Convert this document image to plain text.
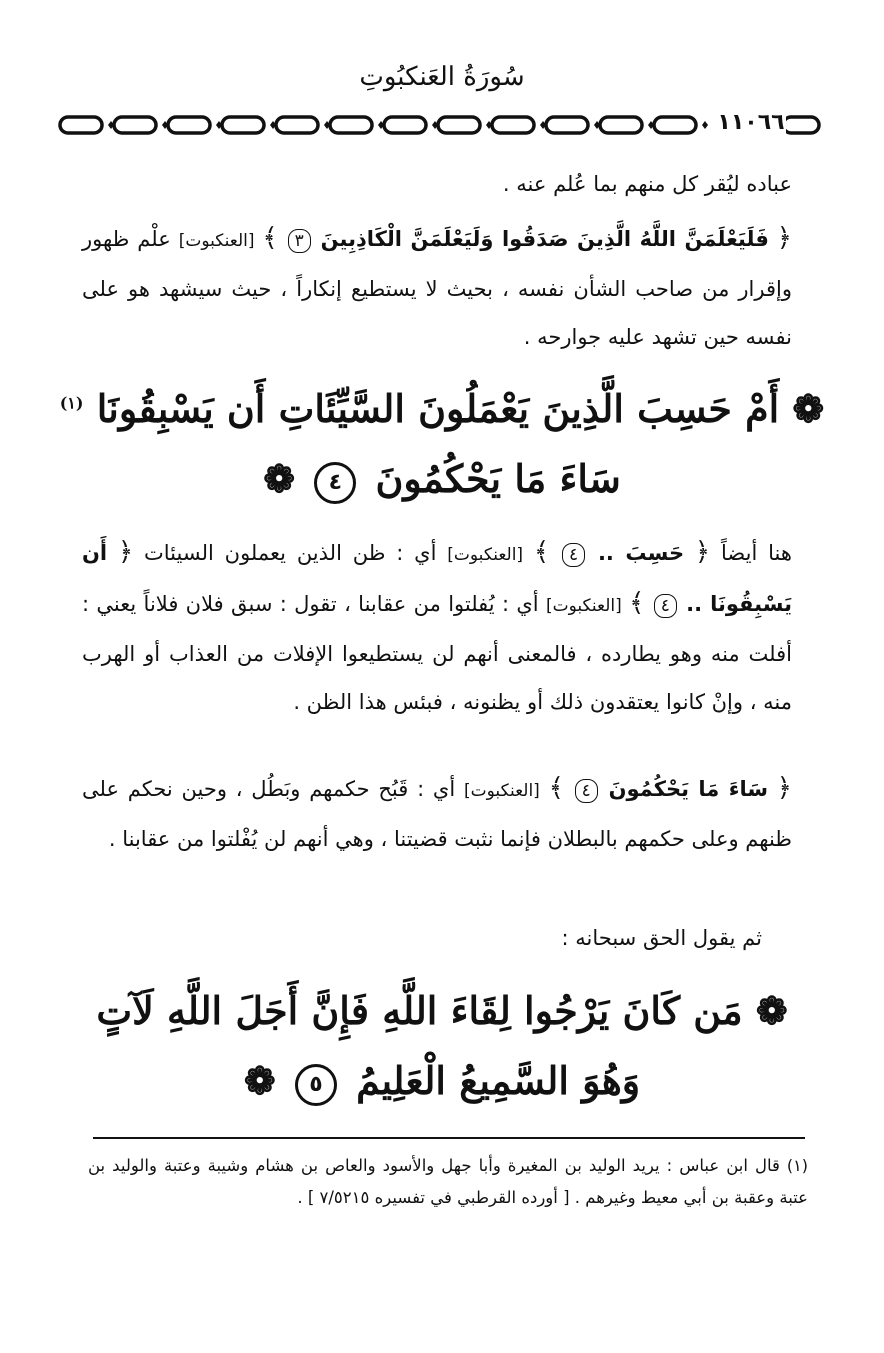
سُورَةُ العَنكبُوتِ
١١٠٦٦
عباده ليُقر كل منهم بما عُلم عنه .
﴿ فَلَيَعْلَمَنَّ اللَّهُ الَّذِينَ صَدَقُوا وَلَيَعْلَمَنَّ الْكَاذِبِينَ ٣ ﴾ [العنكبوت] علْم ظهور وإقرار من صاحب الشأن نفسه ، بحيث لا يستطيع إنكاراً ، حيث سيشهد هو على نفسه حين تشهد عليه جوارحه .
❁ أَمْ حَسِبَ الَّذِينَ يَعْمَلُونَ السَّيِّئَاتِ أَن يَسْبِقُونَا $^{(١)}$
سَاءَ مَا يَحْكُمُونَ ٤ ❁
هنا أيضاً ﴿ حَسِبَ .. ٤ ﴾ [العنكبوت] أي : ظن الذين يعملون السيئات ﴿ أَن يَسْبِقُونَا .. ٤ ﴾ [العنكبوت] أي : يُفلتوا من عقابنا ، تقول : سبق فلان فلاناً يعني : أفلت منه وهو يطارده ، فالمعنى أنهم لن يستطيعوا الإفلات من العذاب أو الهرب منه ، وإنْ كانوا يعتقدون ذلك أو يظنونه ، فبئس هذا الظن .
﴿ سَاءَ مَا يَحْكُمُونَ ٤ ﴾ [العنكبوت] أي : قَبُح حكمهم وبَطُل ، وحين نحكم على ظنهم وعلى حكمهم بالبطلان فإنما نثبت قضيتنا ، وهي أنهم لن يُفْلتوا من عقابنا .
ثم يقول الحق سبحانه :
❁ مَن كَانَ يَرْجُوا لِقَاءَ اللَّهِ فَإِنَّ أَجَلَ اللَّهِ لَآتٍ
وَهُوَ السَّمِيعُ الْعَلِيمُ ٥ ❁
(١) قال ابن عباس : يريد الوليد بن المغيرة وأبا جهل والأسود والعاص بن هشام وشيبة وعتبة والوليد بن عتبة وعقبة بن أبي معيط وغيرهم . [ أورده القرطبي في تفسيره ٧/٥٢١٥ ] .
